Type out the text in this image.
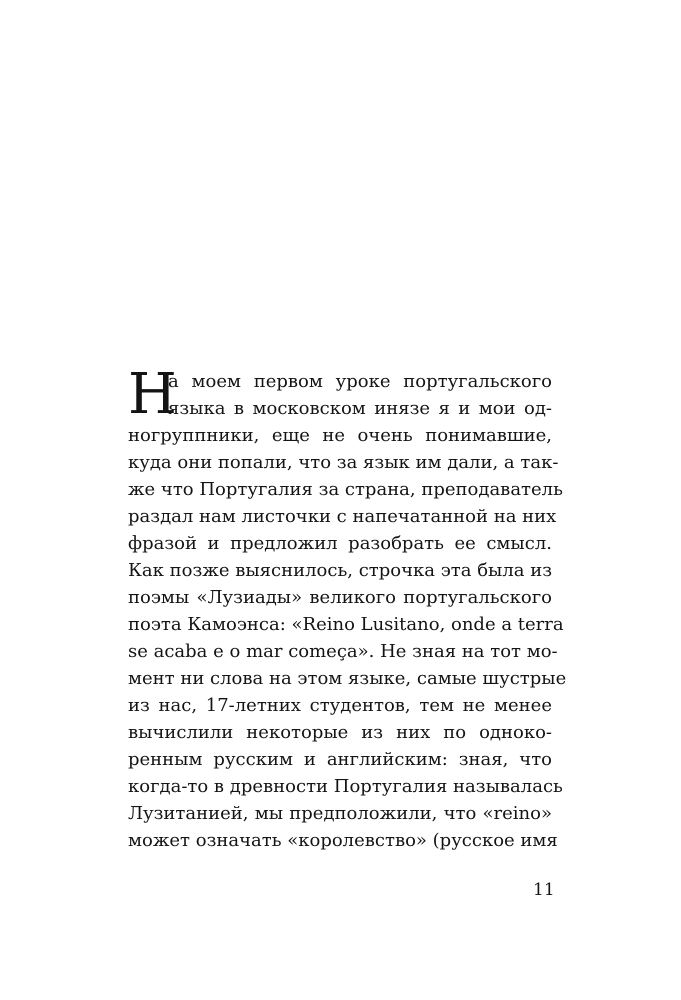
Н
а моем первом уроке португальского
языка в московском инязе я и мои од-
ногруппники, еще не очень понимавшие,
куда они попали, что за язык им дали, а так-
же что Португалия за страна, преподаватель
раздал нам листочки с напечатанной на них
фразой и предложил разобрать ее смысл.
Как позже выяснилось, строчка эта была из
поэмы «Лузиады» великого португальского
поэта Камоэнса: «Reino Lusitano, onde a terra
se acaba e o mar começa». Не зная на тот мо-
мент ни слова на этом языке, самые шустрые
из нас, 17-летних студентов, тем не менее
вычислили некоторые из них по одноко-
ренным русским и английским: зная, что
когда-то в древности Португалия называлась
Лузитанией, мы предположили, что «reino»
может означать «королевство» (русское имя
11
